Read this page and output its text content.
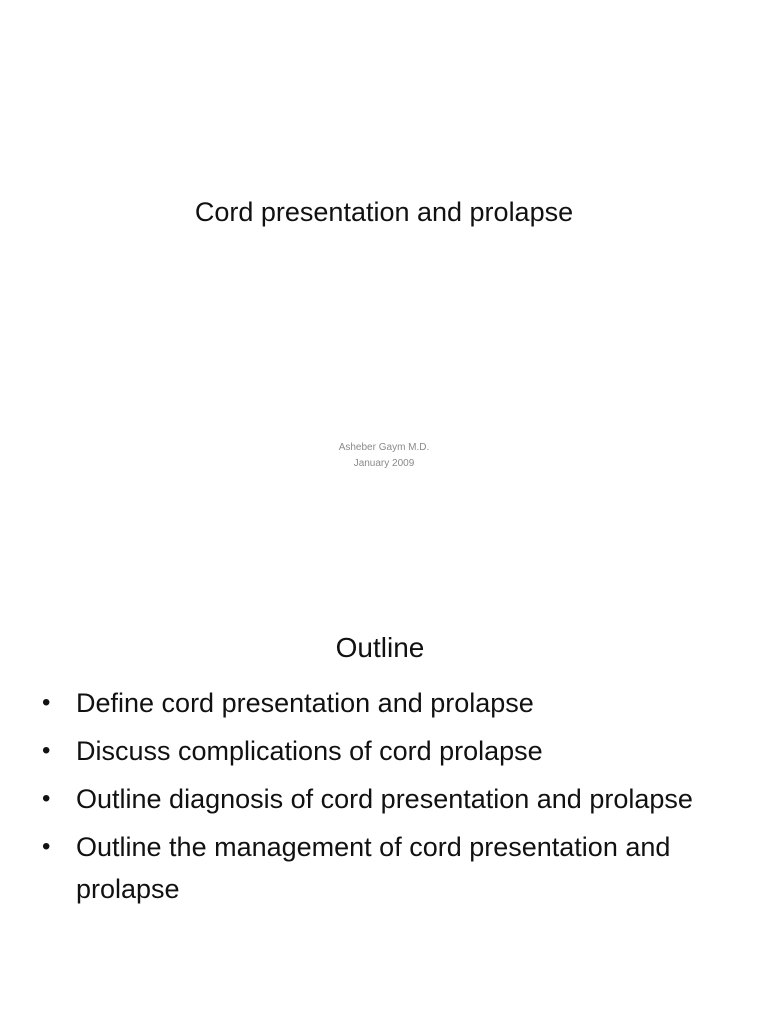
Cord presentation and prolapse
Asheber Gaym M.D.
January 2009
Outline
• Define cord presentation and prolapse
• Discuss complications of cord prolapse
• Outline diagnosis of cord presentation and prolapse
• Outline the management of cord presentation and prolapse
